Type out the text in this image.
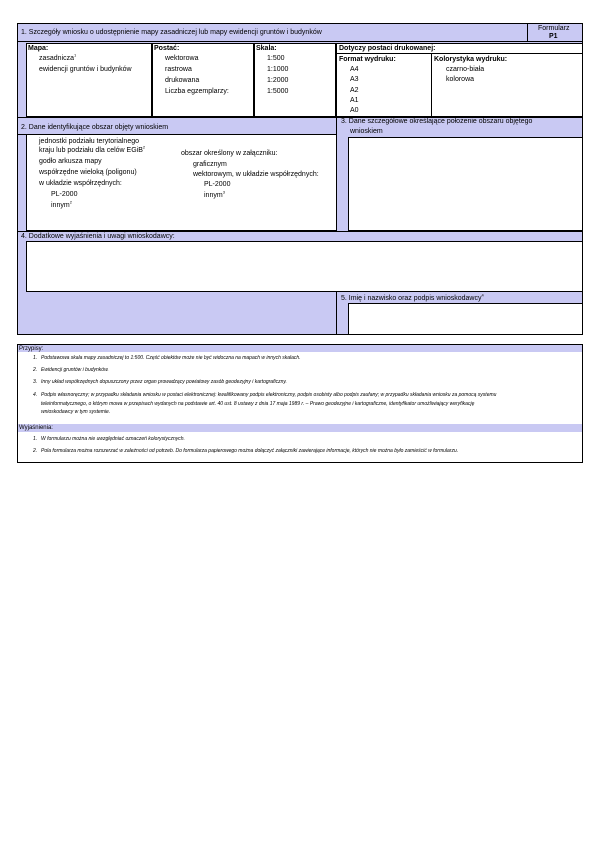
1. Szczegóły wniosku o udostępnienie mapy zasadniczej lub mapy ewidencji gruntów i budynków
Formularz
P1
Mapa:
zasadnicza$^1$
ewidencji gruntów i budynków
Postać:
wektorowa
rastrowa
drukowana
Liczba egzemplarzy:
Skala:
1:500
1:1000
1:2000
1:5000
Dotyczy postaci drukowanej:
Format wydruku:
A4
A3
A2
A1
A0
Kolorystyka wydruku:
czarno-biała
kolorowa
2. Dane identyfikujące obszar objęty wnioskiem
jednostki podziału terytorialnego
kraju lub podziału dla celów EGiB$^2$
godło arkusza mapy
współrzędne wieloką (poligonu)
w układzie współrzędnych:
PL-2000
innym$^2$
obszar określony w załączniku:
graficznym
wektorowym, w układzie współrzędnych:
PL-2000
innym$^3$
3. Dane szczegółowe określające położenie obszaru objętego
wnioskiem
4. Dodatkowe wyjaśnienia i uwagi wnioskodawcy:
5. Imię i nazwisko oraz podpis wnioskodawcy$^4$
Przypisy:
1. Podstawowa skala mapy zasadniczej to 1:500. Część obiektów może nie być widoczna na mapach w innych skalach.
2. Ewidencji gruntów i budynków.
3. Inny układ współrzędnych dopuszczony przez organ prowadzący powiatowy zasób geodezyjny i kartograficzny.
4. Podpis własnoręczny; w przypadku składania wniosku w postaci elektronicznej: kwalifikowany podpis elektroniczny, podpis osobisty albo podpis zaufany; w przypadku składania wniosku za pomocą systemu
teleinformatycznego, o którym mowa w przepisach wydanych na podstawie art. 40 ust. 8 ustawy z dnia 17 maja 1989 r. – Prawo geodezyjne i kartograficzne, identyfikator umożliwiający weryfikację
wnioskodawcy w tym systemie.
Wyjaśnienia:
1. W formularzu można nie uwzględniać oznaczeń kolorystycznych.
2. Pola formularza można rozszerzać w zależności od potrzeb. Do formularza papierowego można dołączyć załączniki zawierające informacje, których nie można było zamieścić w formularzu.
